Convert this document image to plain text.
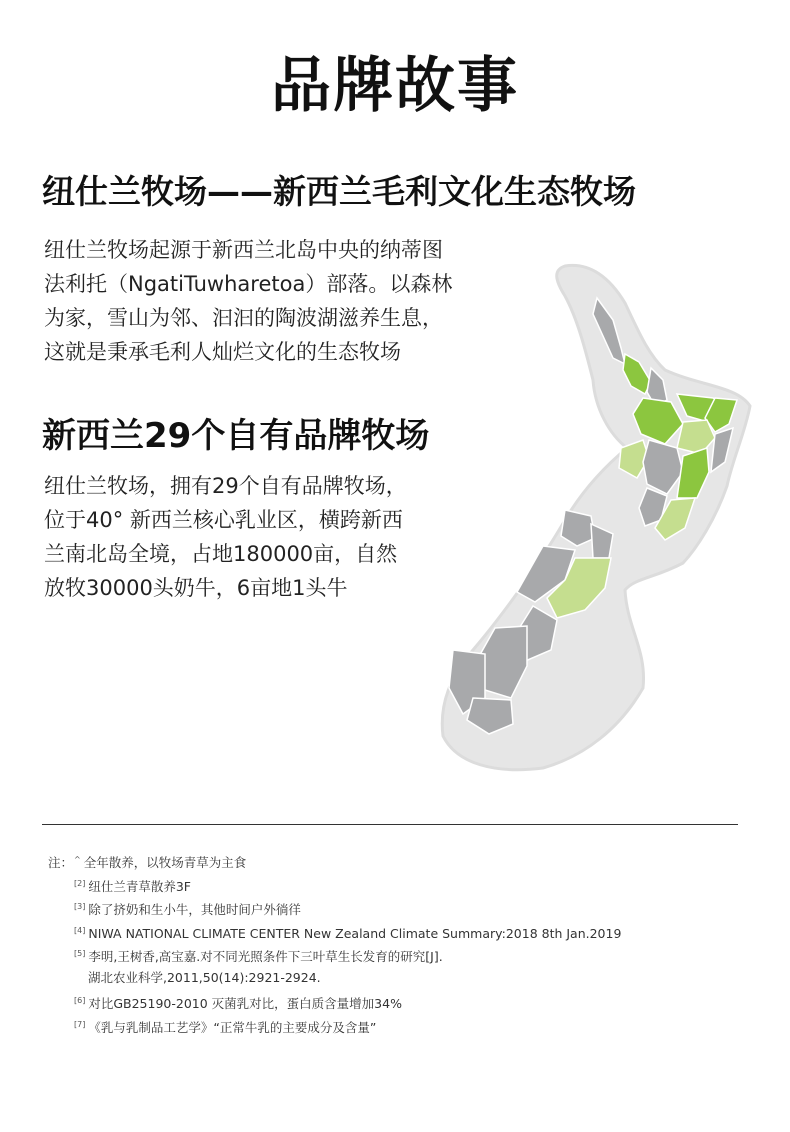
品牌故事
纽仕兰牧场——新西兰毛利文化生态牧场
纽仕兰牧场起源于新西兰北岛中央的纳蒂图
法利托（NgatiTuwharetoa）部落。以森林
为家，雪山为邻、汩汩的陶波湖滋养生息，
这就是秉承毛利人灿烂文化的生态牧场
新西兰29个自有品牌牧场
纽仕兰牧场，拥有29个自有品牌牧场，
位于40° 新西兰核心乳业区，横跨新西
兰南北岛全境，占地180000亩，自然
放牧30000头奶牛，6亩地1头牛
注：^ 全年散养，以牧场青草为主食
[2] 纽仕兰青草散养3F
[3] 除了挤奶和生小牛，其他时间户外徜徉
[4] NIWA NATIONAL CLIMATE CENTER New Zealand Climate Summary:2018 8th Jan.2019
[5] 李明,王树香,高宝嘉.对不同光照条件下三叶草生长发育的研究[J].
湖北农业科学,2011,50(14):2921-2924.
[6] 对比GB25190-2010 灭菌乳对比，蛋白质含量增加34%
[7] 《乳与乳制品工艺学》“正常牛乳的主要成分及含量”
